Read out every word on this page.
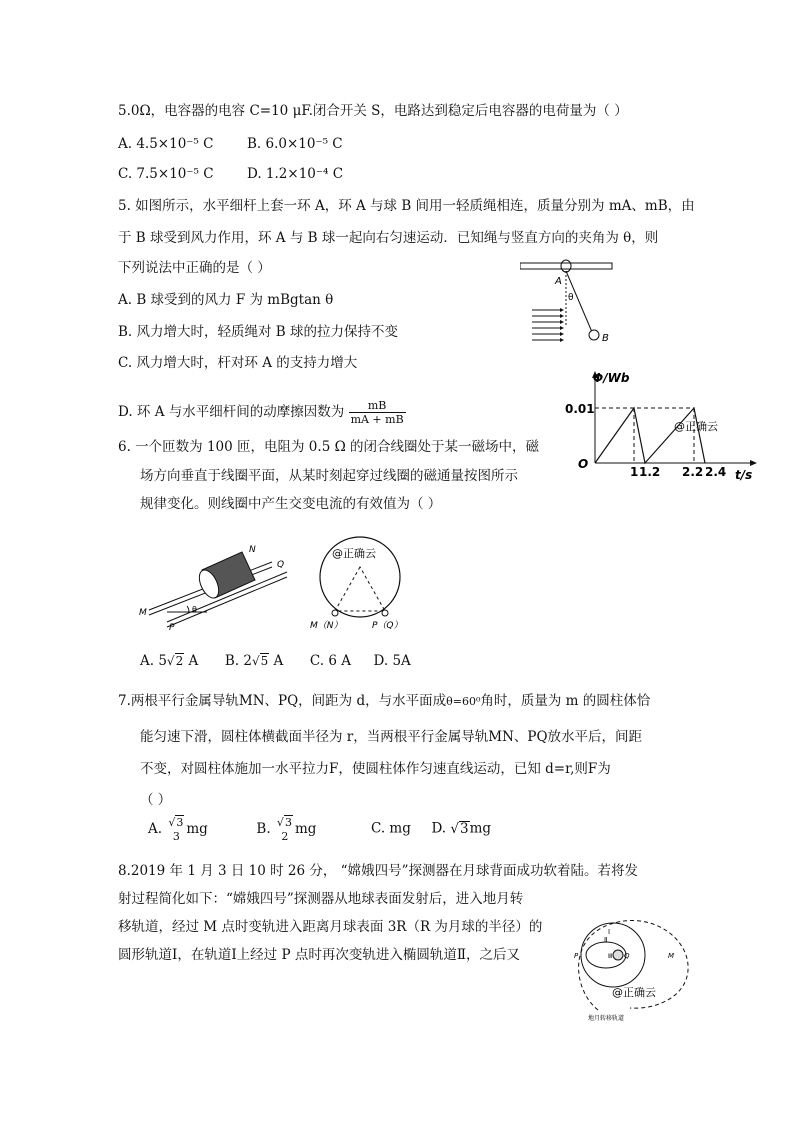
5.0Ω，电容器的电容 C=10 μF.闭合开关 S，电路达到稳定后电容器的电荷量为（ ）
A. 4.5×10⁻⁵ C B. 6.0×10⁻⁵ C
C. 7.5×10⁻⁵ C D. 1.2×10⁻⁴ C
5. 如图所示，水平细杆上套一环 A，环 A 与球 B 间用一轻质绳相连，质量分别为 mA、mB，由
于 B 球受到风力作用，环 A 与 B 球一起向右匀速运动．已知绳与竖直方向的夹角为 θ，则
下列说法中正确的是（ ）
A. B 球受到的风力 F 为 mBgtan θ
B. 风力增大时，轻质绳对 B 球的拉力保持不变
C. 风力增大时，杆对环 A 的支持力增大
D. 环 A 与水平细杆间的动摩擦因数为 $\frac{mB}{mA + mB}$
A
θ
B
Φ/Wb
0.01
O
1 1.2 2.2 2.4 t/s
@正确云
6. 一个匝数为 100 匝，电阻为 0.5 Ω 的闭合线圈处于某一磁场中，磁
场方向垂直于线圈平面，从某时刻起穿过线圈的磁通量按图所示
规律变化。则线圈中产生交变电流的有效值为（ ）
N
Q
M
P
θ
@正确云
M（N）	P（Q）
A. 5√2 A B. 2√5 A C. 6 A D. 5A
7.两根平行金属导轨MN、PQ，间距为 d，与水平面成θ=60⁰角时，质量为 m 的圆柱体恰
能匀速下滑，圆柱体横截面半径为 r，当两根平行金属导轨MN、PQ放水平后，间距
不变，对圆柱体施加一水平拉力F，使圆柱体作匀速直线运动，已知 d=r,则F为
（ ）
A. √3
3 mg	B. √3
2 mg	C. mg D. √3mg
8.2019 年 1 月 3 日 10 时 26 分， “嫦娥四号”探测器在月球背面成功软着陆。若将发
射过程简化如下：“嫦娥四号”探测器从地球表面发射后，进入地月转
移轨道，经过 M 点时变轨进入距离月球表面 3R（R 为月球的半径）的
圆形轨道Ⅰ，在轨道Ⅰ上经过 P 点时再次变轨进入椭圆轨道Ⅱ，之后又
Ⅰ
Ⅱ
Ⅲ
P	Q	M
@正确云
地月转移轨道
